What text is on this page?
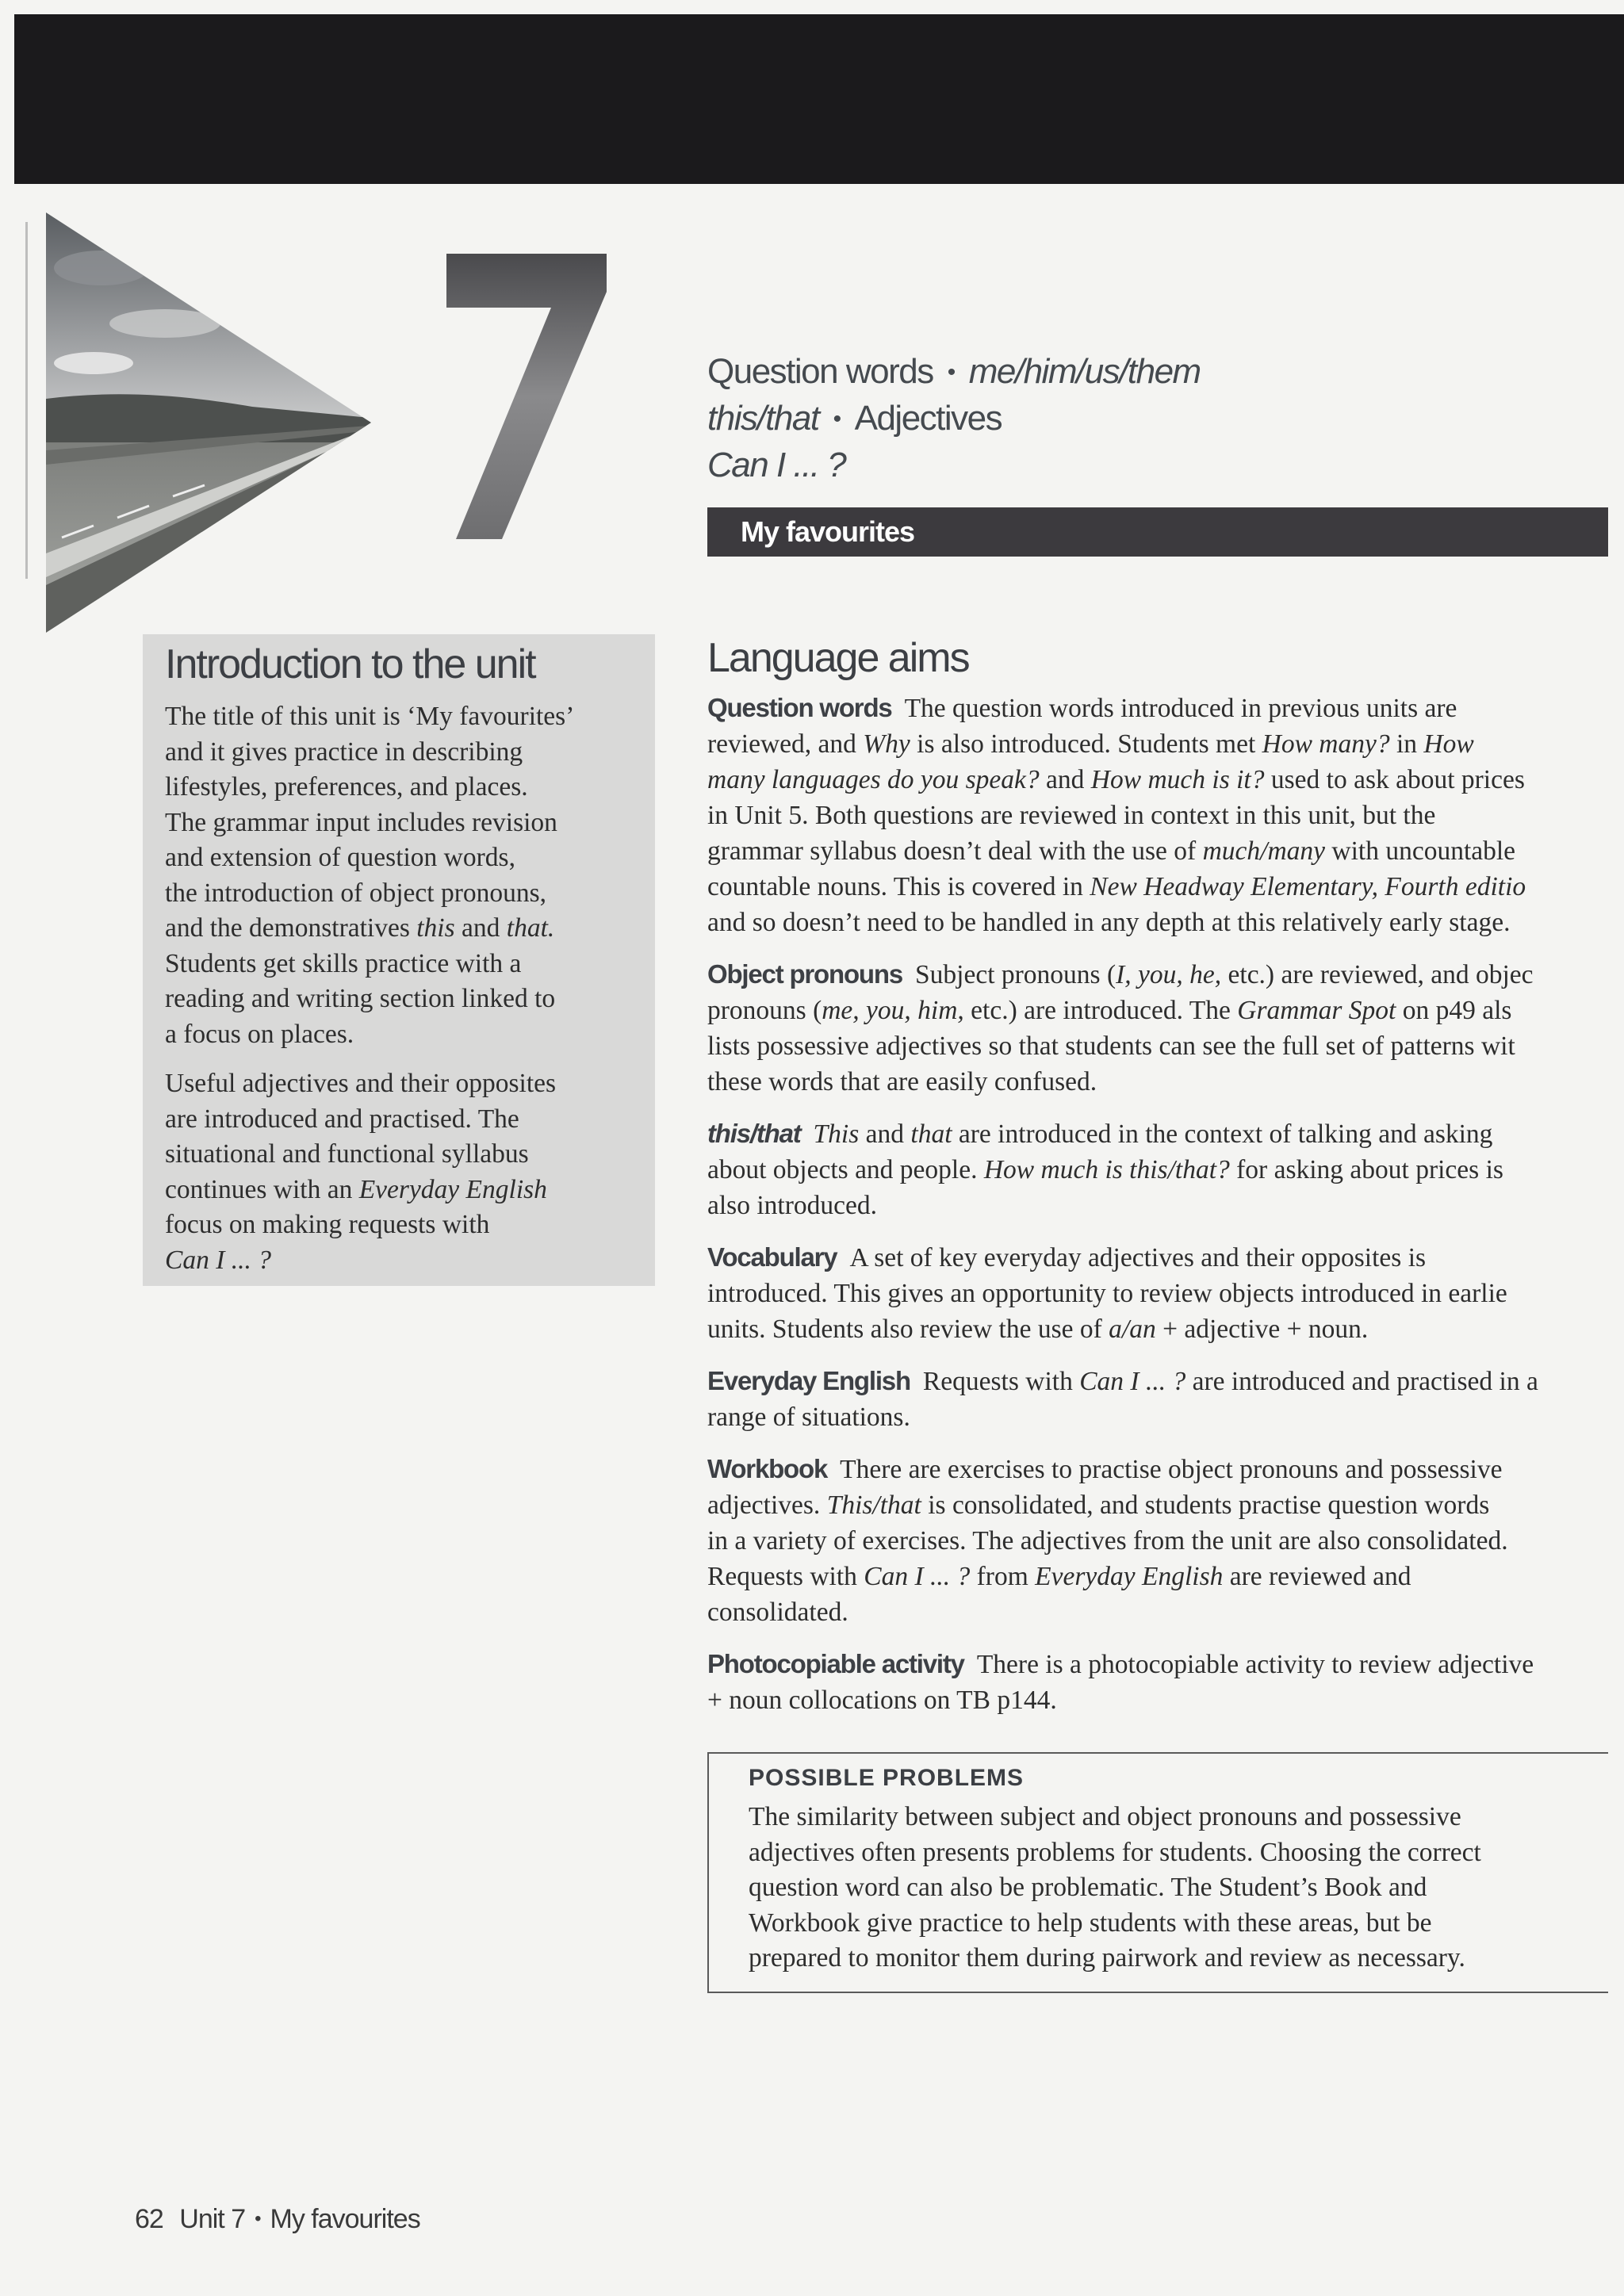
Question words • me/him/us/them
this/that • Adjectives
Can I ... ?
My favourites
Introduction to the unit

The title of this unit is ‘My favourites’
and it gives practice in describing
lifestyles, preferences, and places.
The grammar input includes revision
and extension of question words,
the introduction of object pronouns,
and the demonstratives this and that.
Students get skills practice with a
reading and writing section linked to
a focus on places.

Useful adjectives and their opposites
are introduced and practised. The
situational and functional syllabus
continues with an Everyday English
focus on making requests with
Can I ... ?

Language aims

Question words The question words introduced in previous units are
reviewed, and Why is also introduced. Students met How many? in How
many languages do you speak? and How much is it? used to ask about prices
in Unit 5. Both questions are reviewed in context in this unit, but the
grammar syllabus doesn’t deal with the use of much/many with uncountable
countable nouns. This is covered in New Headway Elementary, Fourth editio
and so doesn’t need to be handled in any depth at this relatively early stage.

Object pronouns Subject pronouns (I, you, he, etc.) are reviewed, and objec
pronouns (me, you, him, etc.) are introduced. The Grammar Spot on p49 als
lists possessive adjectives so that students can see the full set of patterns wit
these words that are easily confused.

this/that This and that are introduced in the context of talking and asking
about objects and people. How much is this/that? for asking about prices is
also introduced.

Vocabulary A set of key everyday adjectives and their opposites is
introduced. This gives an opportunity to review objects introduced in earlie
units. Students also review the use of a/an + adjective + noun.

Everyday English Requests with Can I ... ? are introduced and practised in a
range of situations.

Workbook There are exercises to practise object pronouns and possessive
adjectives. This/that is consolidated, and students practise question words
in a variety of exercises. The adjectives from the unit are also consolidated.
Requests with Can I ... ? from Everyday English are reviewed and
consolidated.

Photocopiable activity There is a photocopiable activity to review adjective
+ noun collocations on TB p144.

POSSIBLE PROBLEMS

The similarity between subject and object pronouns and possessive
adjectives often presents problems for students. Choosing the correct
question word can also be problematic. The Student’s Book and
Workbook give practice to help students with these areas, but be
prepared to monitor them during pairwork and review as necessary.

62 Unit 7 • My favourites
